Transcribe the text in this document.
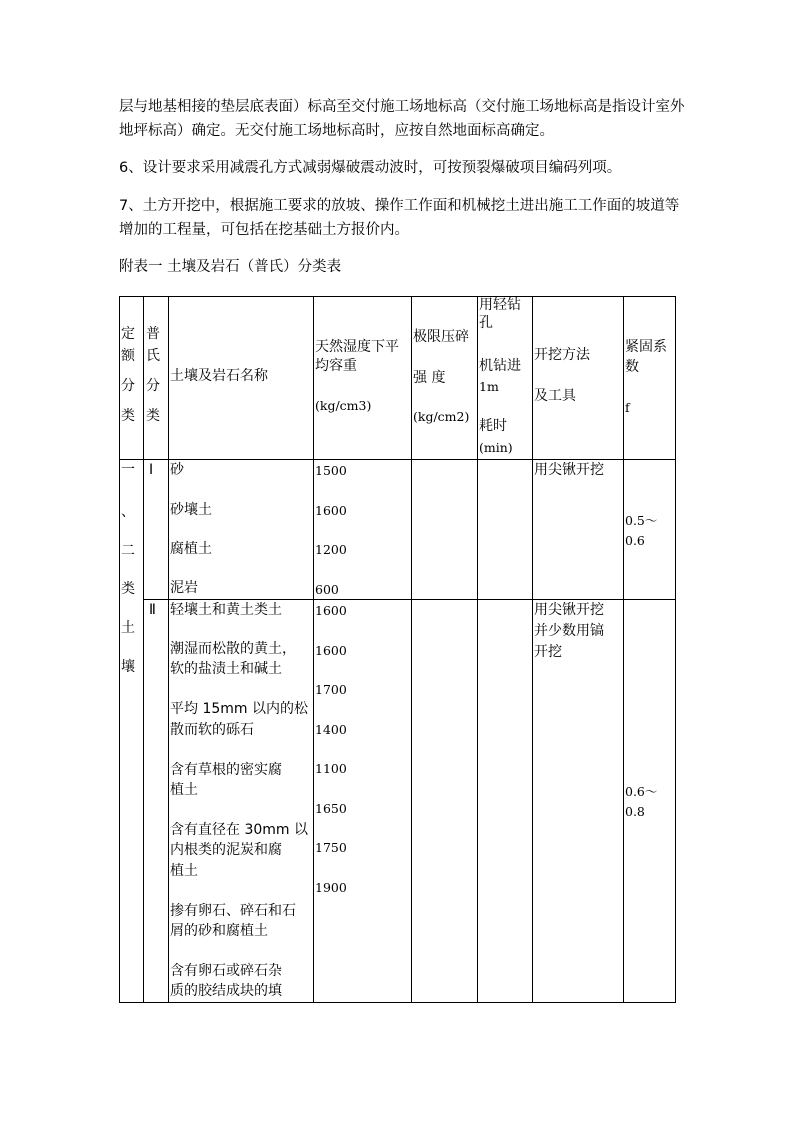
层与地基相接的垫层底表面）标高至交付施工场地标高（交付施工场地标高是指设计室外地坪标高）确定。无交付施工场地标高时，应按自然地面标高确定。

6、设计要求采用减震孔方式减弱爆破震动波时，可按预裂爆破项目编码列项。

7、土方开挖中，根据施工要求的放坡、操作工作面和机械挖土进出施工工作面的坡道等增加的工程量，可包括在挖基础土方报价内。

附表一 土壤及岩石（普氏）分类表

定
额
分
类
普
氏
分
类
土壤及岩石名称
天然湿度下平
均容重
(kg/cm3)
极限压碎
强 度
(kg/cm2)
用轻钻
孔
机钻进
1m
耗时
(min)
开挖方法
及工具
紧固系
数
f
一
、
二
类
土
壤
Ⅰ 砂
砂壤土
腐植土
泥岩
1500
1600
1200
600
用尖锹开挖
0.5～
0.6
Ⅱ 轻壤土和黄土类土
潮湿而松散的黄土，
软的盐渍土和碱土
平均 15mm 以内的松
散而软的砾石
含有草根的密实腐
植土
含有直径在 30mm 以
内根类的泥炭和腐
植土
掺有卵石、碎石和石
屑的砂和腐植土
含有卵石或碎石杂
质的胶结成块的填
1600
1600
1700
1400
1100
1650
1750
1900
用尖锹开挖
并少数用镐
开挖
0.6～
0.8
